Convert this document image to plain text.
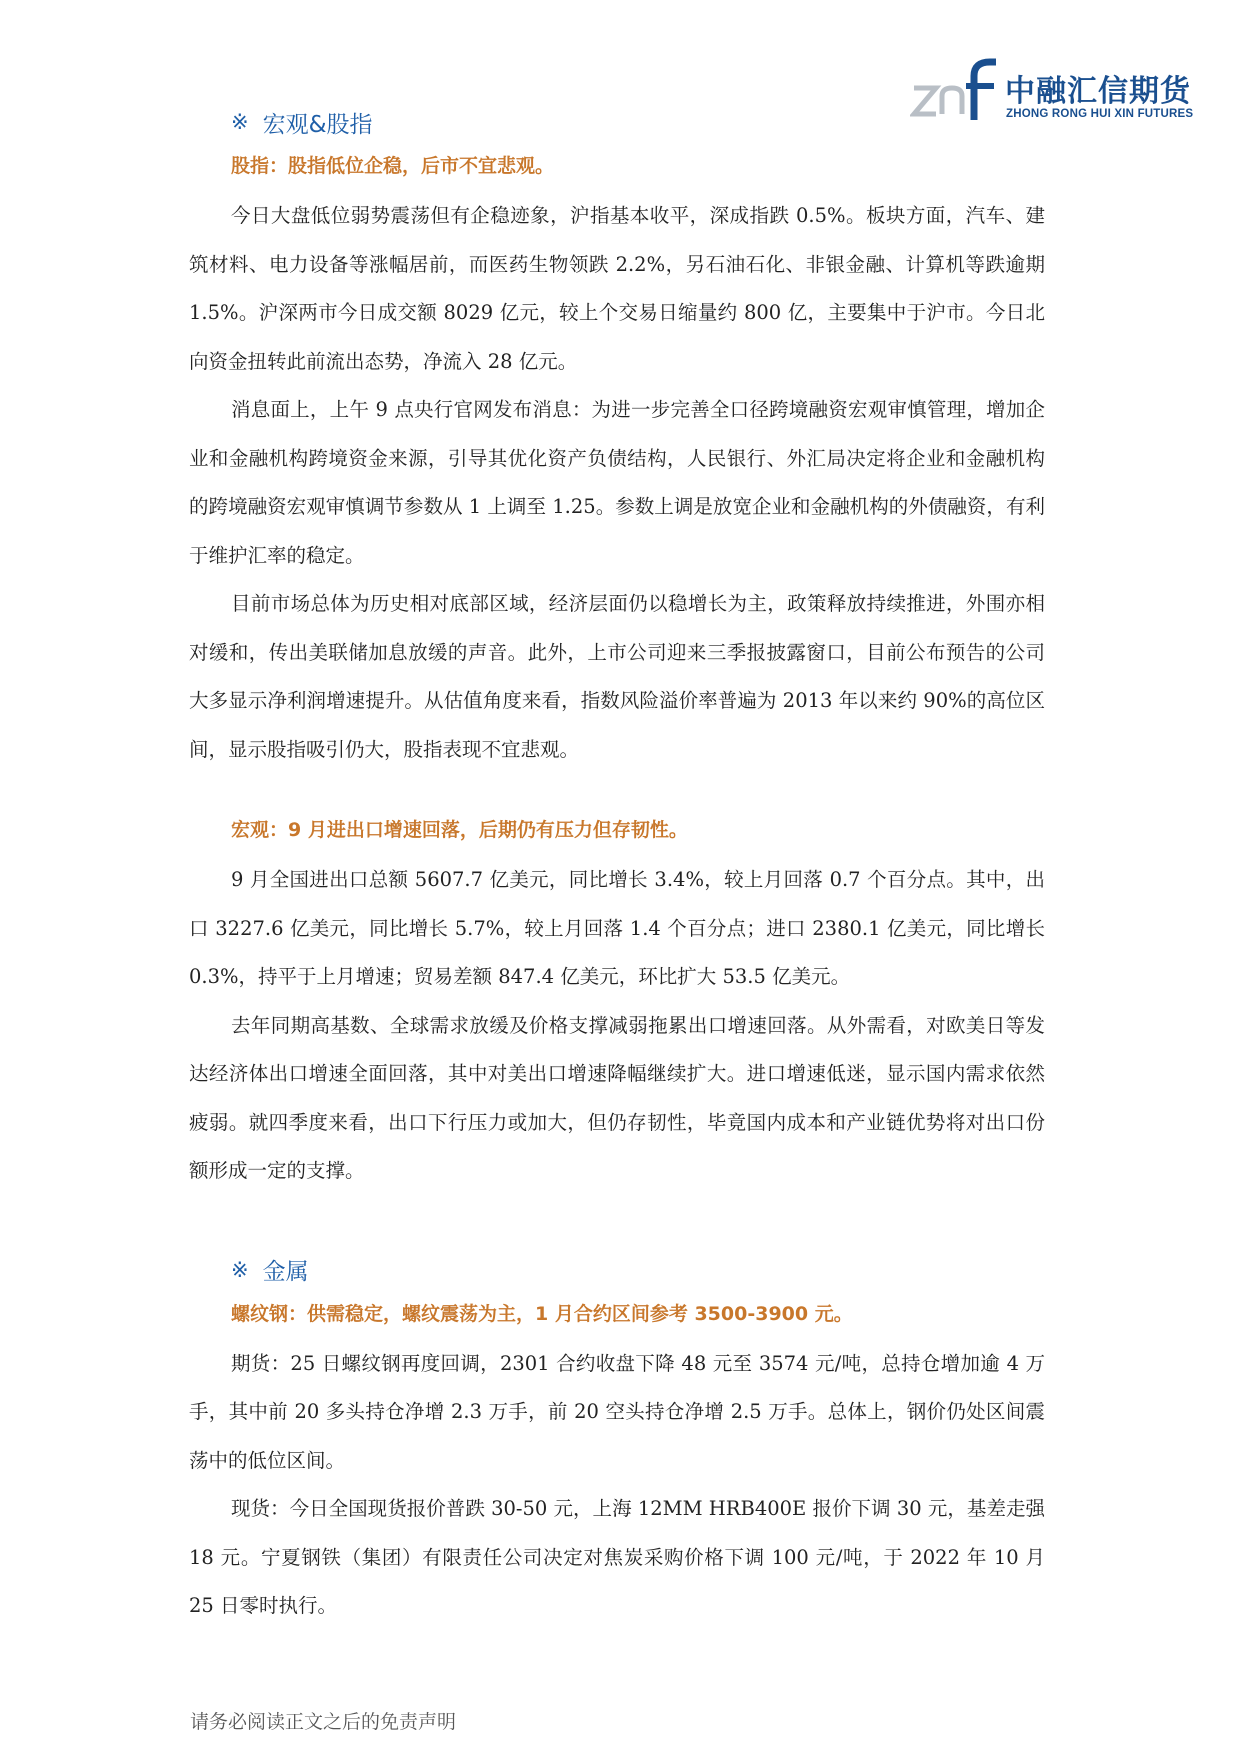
中融汇信期货
ZHONG RONG HUI XIN FUTURES
※ 宏观&股指
股指：股指低位企稳，后市不宜悲观。

今日大盘低位弱势震荡但有企稳迹象，沪指基本收平，深成指跌 0.5%。板块方面，汽车、建筑材料、电力设备等涨幅居前，而医药生物领跌 2.2%，另石油石化、非银金融、计算机等跌逾期 1.5%。沪深两市今日成交额 8029 亿元，较上个交易日缩量约 800 亿，主要集中于沪市。今日北向资金扭转此前流出态势，净流入 28 亿元。

消息面上，上午 9 点央行官网发布消息：为进一步完善全口径跨境融资宏观审慎管理，增加企业和金融机构跨境资金来源，引导其优化资产负债结构，人民银行、外汇局决定将企业和金融机构的跨境融资宏观审慎调节参数从 1 上调至 1.25。参数上调是放宽企业和金融机构的外债融资，有利于维护汇率的稳定。

目前市场总体为历史相对底部区域，经济层面仍以稳增长为主，政策释放持续推进，外围亦相对缓和，传出美联储加息放缓的声音。此外，上市公司迎来三季报披露窗口，目前公布预告的公司大多显示净利润增速提升。从估值角度来看，指数风险溢价率普遍为 2013 年以来约 90%的高位区间，显示股指吸引仍大，股指表现不宜悲观。

宏观：9 月进出口增速回落，后期仍有压力但存韧性。

9 月全国进出口总额 5607.7 亿美元，同比增长 3.4%，较上月回落 0.7 个百分点。其中，出口 3227.6 亿美元，同比增长 5.7%，较上月回落 1.4 个百分点；进口 2380.1 亿美元，同比增长 0.3%，持平于上月增速；贸易差额 847.4 亿美元，环比扩大 53.5 亿美元。

去年同期高基数、全球需求放缓及价格支撑减弱拖累出口增速回落。从外需看，对欧美日等发达经济体出口增速全面回落，其中对美出口增速降幅继续扩大。进口增速低迷，显示国内需求依然疲弱。就四季度来看，出口下行压力或加大，但仍存韧性，毕竟国内成本和产业链优势将对出口份额形成一定的支撑。

※ 金属
螺纹钢：供需稳定，螺纹震荡为主，1 月合约区间参考 3500-3900 元。

期货：25 日螺纹钢再度回调，2301 合约收盘下降 48 元至 3574 元/吨，总持仓增加逾 4 万手，其中前 20 多头持仓净增 2.3 万手，前 20 空头持仓净增 2.5 万手。总体上，钢价仍处区间震荡中的低位区间。

现货：今日全国现货报价普跌 30-50 元，上海 12MM HRB400E 报价下调 30 元，基差走强 18 元。宁夏钢铁（集团）有限责任公司决定对焦炭采购价格下调 100 元/吨，于 2022 年 10 月 25 日零时执行。

请务必阅读正文之后的免责声明
